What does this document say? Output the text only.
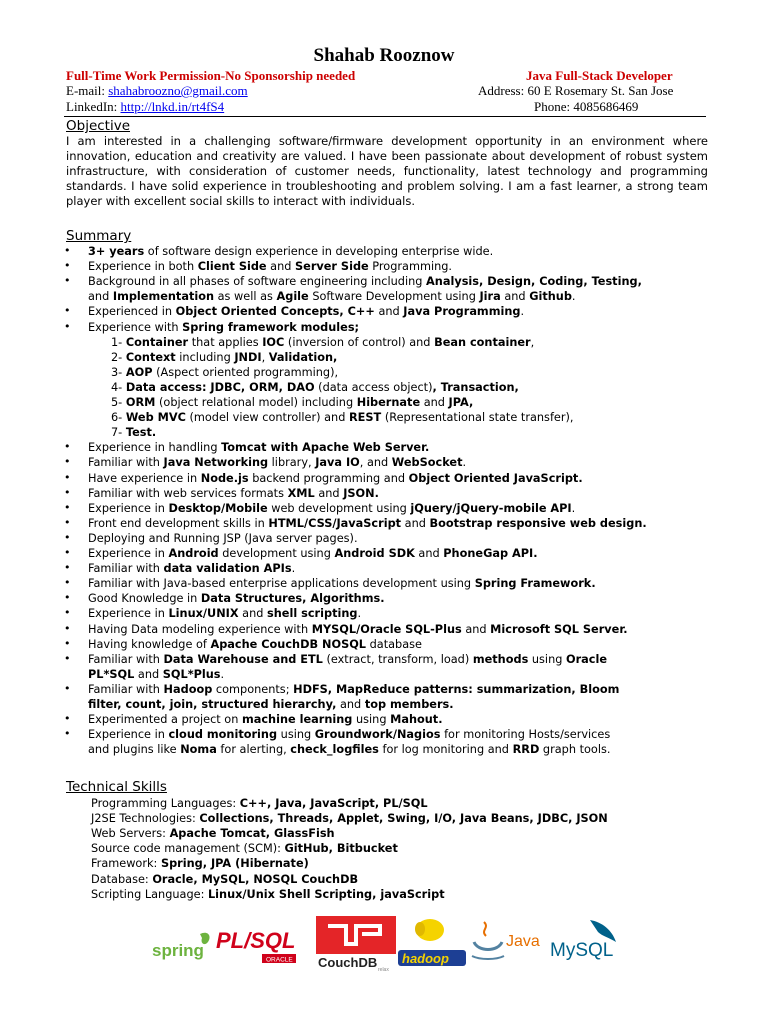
Shahab Rooznow
Full-Time Work Permission-No Sponsorship needed	Java Full-Stack Developer
E-mail: shahabroozno@gmail.com	Address: 60 E Rosemary St. San Jose
LinkedIn: http://lnkd.in/rt4fS4	Phone: 4085686469
Objective
I am interested in a challenging software/firmware development opportunity in an environment where innovation, education and creativity are valued. I have been passionate about development of robust system infrastructure, with consideration of customer needs, functionality, latest technology and programming standards. I have solid experience in troubleshooting and problem solving. I am a fast learner, a strong team player with excellent social skills to interact with individuals.
Summary
• 3+ years of software design experience in developing enterprise wide.
• Experience in both Client Side and Server Side Programming.
• Background in all phases of software engineering including Analysis, Design, Coding, Testing,
and Implementation as well as Agile Software Development using Jira and Github.
• Experienced in Object Oriented Concepts, C++ and Java Programming.
• Experience with Spring framework modules;
1- Container that applies IOC (inversion of control) and Bean container,
2- Context including JNDI, Validation,
3- AOP (Aspect oriented programming),
4- Data access: JDBC, ORM, DAO (data access object), Transaction,
5- ORM (object relational model) including Hibernate and JPA,
6- Web MVC (model view controller) and REST (Representational state transfer),
7- Test.
• Experience in handling Tomcat with Apache Web Server.
• Familiar with Java Networking library, Java IO, and WebSocket.
• Have experience in Node.js backend programming and Object Oriented JavaScript.
• Familiar with web services formats XML and JSON.
• Experience in Desktop/Mobile web development using jQuery/jQuery-mobile API.
• Front end development skills in HTML/CSS/JavaScript and Bootstrap responsive web design.
• Deploying and Running JSP (Java server pages).
• Experience in Android development using Android SDK and PhoneGap API.
• Familiar with data validation APIs.
• Familiar with Java-based enterprise applications development using Spring Framework.
• Good Knowledge in Data Structures, Algorithms.
• Experience in Linux/UNIX and shell scripting.
• Having Data modeling experience with MYSQL/Oracle SQL-Plus and Microsoft SQL Server.
• Having knowledge of Apache CouchDB NOSQL database
• Familiar with Data Warehouse and ETL (extract, transform, load) methods using Oracle
PL*SQL and SQL*Plus.
• Familiar with Hadoop components; HDFS, MapReduce patterns: summarization, Bloom
filter, count, join, structured hierarchy, and top members.
• Experimented a project on machine learning using Mahout.
• Experience in cloud monitoring using Groundwork/Nagios for monitoring Hosts/services
and plugins like Noma for alerting, check_logfiles for log monitoring and RRD graph tools.
Technical Skills
Programming Languages: C++, Java, JavaScript, PL/SQL
J2SE Technologies: Collections, Threads, Applet, Swing, I/O, Java Beans, JDBC, JSON
Web Servers: Apache Tomcat, GlassFish
Source code management (SCM): GitHub, Bitbucket
Framework: Spring, JPA (Hibernate)
Database: Oracle, MySQL, NOSQL CouchDB
Scripting Language: Linux/Unix Shell Scripting, javaScript
spring PL/SQL
ORACLE CouchDB relax
hadoop
Java MySQL
